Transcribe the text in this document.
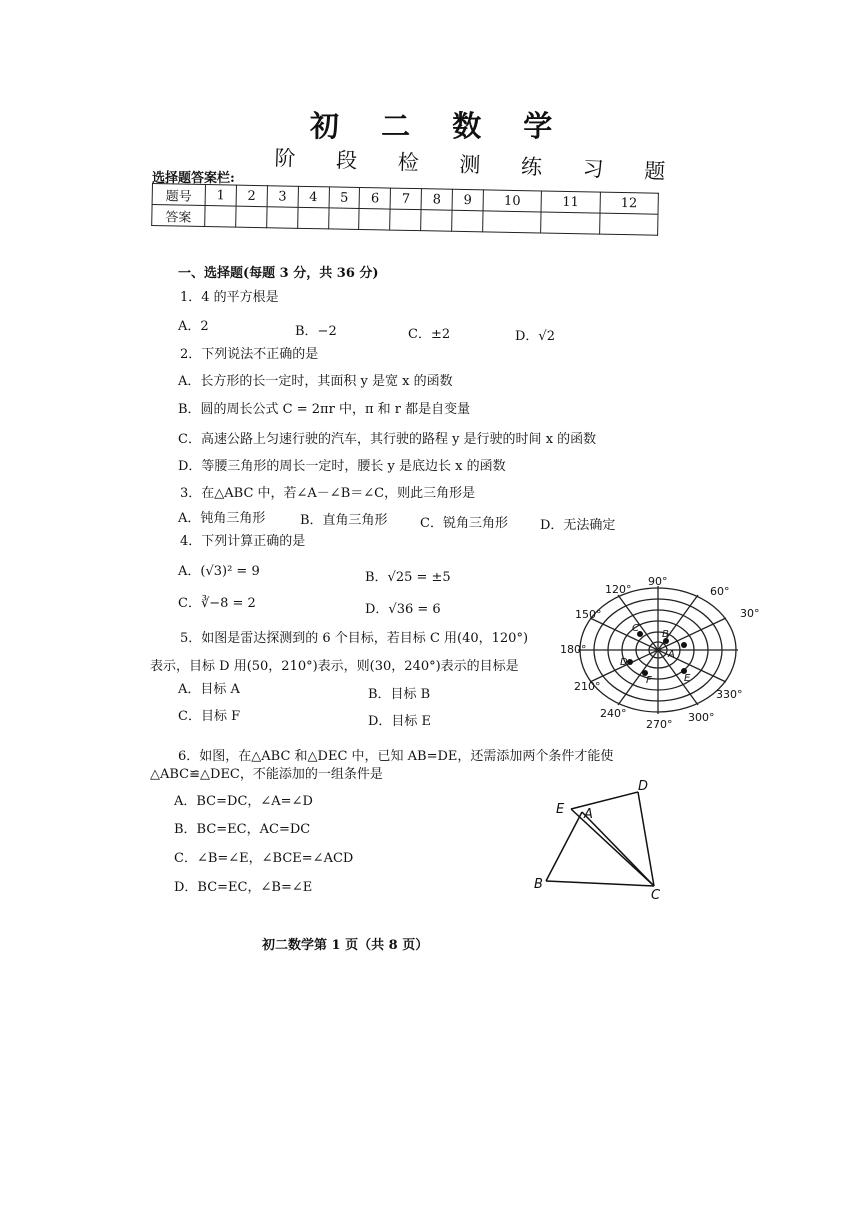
初 二 数 学
阶 段 检 测 练 习 题
选择题答案栏:
题号	1	2	3	4	5	6	7	8	9	10	11	12
答案												
一、选择题(每题 3 分，共 36 分)
1．4 的平方根是
A．2	B．−2	C．±2	D．√2
2．下列说法不正确的是
A．长方形的长一定时，其面积 y 是宽 x 的函数
B．圆的周长公式 C = 2πr 中，π 和 r 都是自变量
C．高速公路上匀速行驶的汽车，其行驶的路程 y 是行驶的时间 x 的函数
D．等腰三角形的周长一定时，腰长 y 是底边长 x 的函数
3．在△ABC 中，若∠A－∠B＝∠C，则此三角形是
A．钝角三角形	B．直角三角形 C．锐角三角形 D．无法确定
4．下列计算正确的是
A．(√3)² = 9	B．√25 = ±5
C．∛−8 = 2	D．√36 = 6
5．如图是雷达探测到的 6 个目标，若目标 C 用(40，120°)
表示，目标 D 用(50，210°)表示，则(30，240°)表示的目标是
A．目标 A	B．目标 B
C．目标 F	D．目标 E
6．如图，在△ABC 和△DEC 中，已知 AB=DE，还需添加两个条件才能使
△ABC≌△DEC，不能添加的一组条件是
A．BC=DC，∠A=∠D
B．BC=EC，AC=DC
C．∠B=∠E，∠BCE=∠ACD
D．BC=EC，∠B=∠E
90°
60°
30°
120°
150°
180°
210°
240°
270°
300°
330°
A
B
C
D
E
F
D
E A
B
C
初二数学第 1 页（共 8 页）
